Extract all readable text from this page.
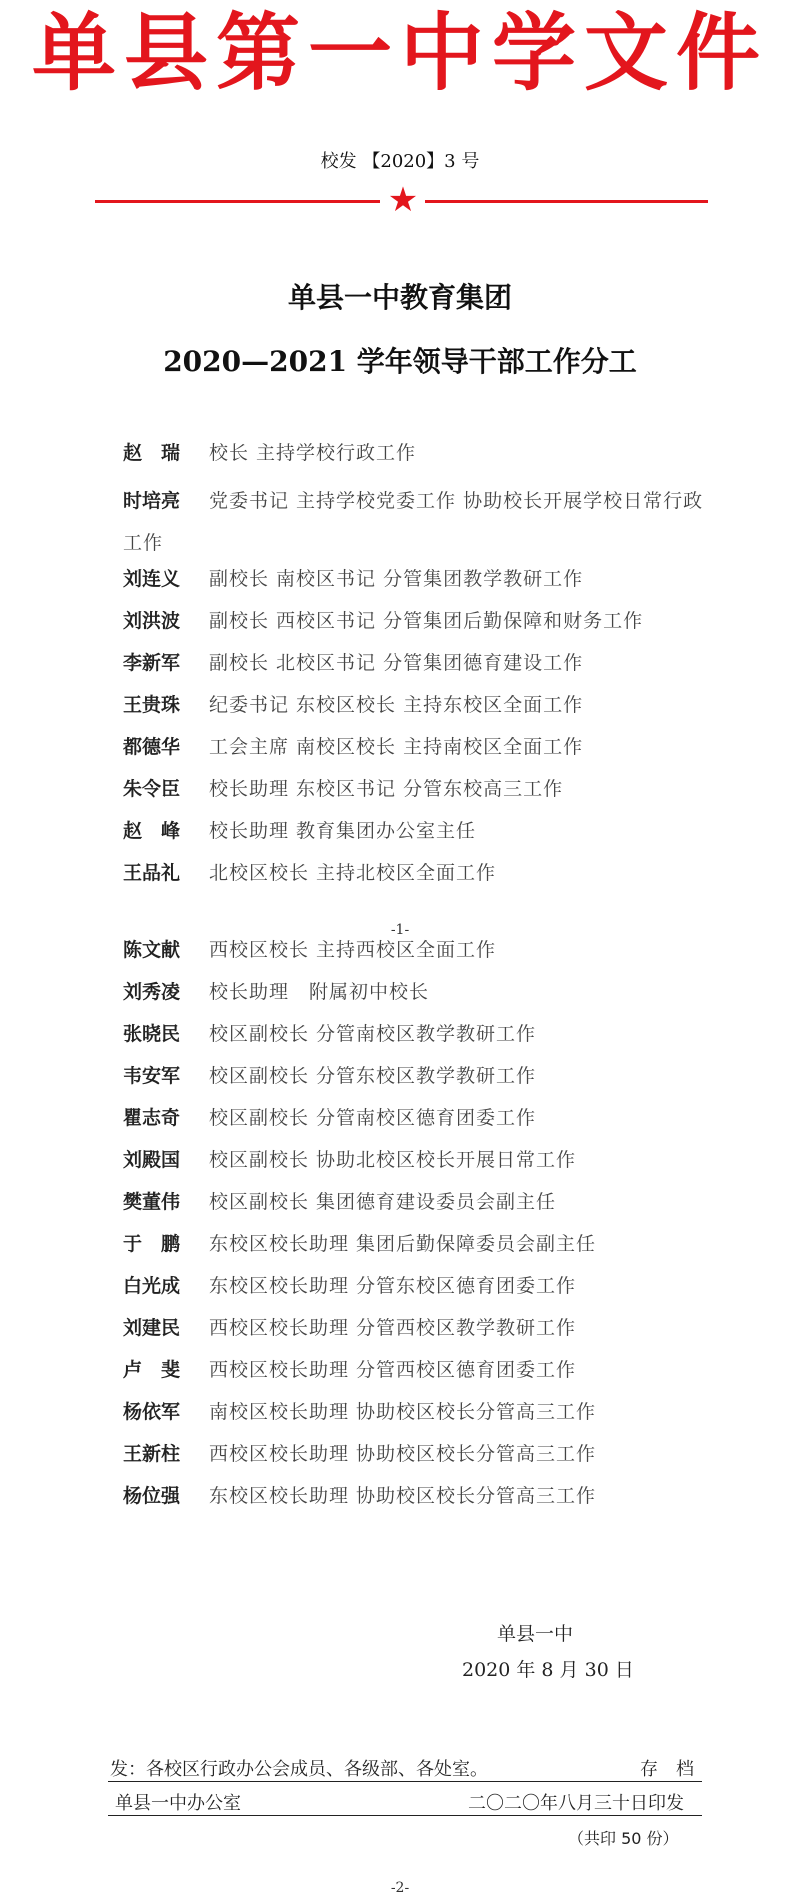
单县第一中学文件
校发 【2020】3 号
★
单县一中教育集团
2020—2021 学年领导干部工作分工
赵　瑞 校长 主持学校行政工作
时培亮 党委书记 主持学校党委工作 协助校长开展学校日常行政工作
刘连义 副校长 南校区书记 分管集团教学教研工作
刘洪波 副校长 西校区书记 分管集团后勤保障和财务工作
李新军 副校长 北校区书记 分管集团德育建设工作
王贵珠 纪委书记 东校区校长 主持东校区全面工作
都德华 工会主席 南校区校长 主持南校区全面工作
朱令臣 校长助理 东校区书记 分管东校高三工作
赵　峰 校长助理 教育集团办公室主任
王品礼 北校区校长 主持北校区全面工作
-1-
陈文献 西校区校长 主持西校区全面工作
刘秀凌 校长助理　附属初中校长
张晓民 校区副校长 分管南校区教学教研工作
韦安军 校区副校长 分管东校区教学教研工作
瞿志奇 校区副校长 分管南校区德育团委工作
刘殿国 校区副校长 协助北校区校长开展日常工作
樊董伟 校区副校长 集团德育建设委员会副主任
于　鹏 东校区校长助理 集团后勤保障委员会副主任
白光成 东校区校长助理 分管东校区德育团委工作
刘建民 西校区校长助理 分管西校区教学教研工作
卢　斐 西校区校长助理 分管西校区德育团委工作
杨依军 南校区校长助理 协助校区校长分管高三工作
王新柱 西校区校长助理 协助校区校长分管高三工作
杨位强 东校区校长助理 协助校区校长分管高三工作
单县一中
2020 年 8 月 30 日
发：各校区行政办公会成员、各级部、各处室。	存　档
单县一中办公室	二〇二〇年八月三十日印发
（共印 50 份）
-2-
